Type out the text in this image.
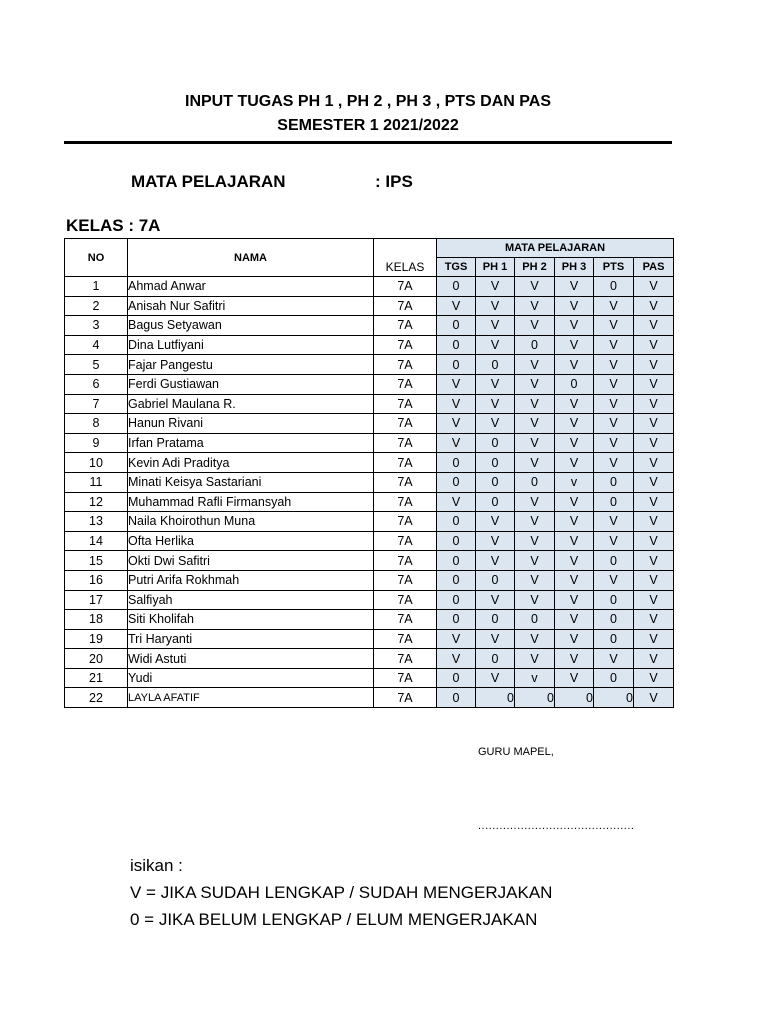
INPUT TUGAS PH 1 , PH 2 , PH 3 , PTS DAN PAS
SEMESTER 1 2021/2022
MATA PELAJARAN	: IPS
KELAS : 7A
NO	NAMA	KELAS	MATA PELAJARAN					
			TGS	PH 1	PH 2	PH 3	PTS	PAS
1	Ahmad Anwar	7A	0	V	V	V	0	V
2	Anisah Nur Safitri	7A	V	V	V	V	V	V
3	Bagus Setyawan	7A	0	V	V	V	V	V
4	Dina Lutfiyani	7A	0	V	0	V	V	V
5	Fajar Pangestu	7A	0	0	V	V	V	V
6	Ferdi Gustiawan	7A	V	V	V	0	V	V
7	Gabriel Maulana R.	7A	V	V	V	V	V	V
8	Hanun Rivani	7A	V	V	V	V	V	V
9	Irfan Pratama	7A	V	0	V	V	V	V
10	Kevin Adi Praditya	7A	0	0	V	V	V	V
11	Minati Keisya Sastariani	7A	0	0	0	v	0	V
12	Muhammad Rafli Firmansyah	7A	V	0	V	V	0	V
13	Naila Khoirothun Muna	7A	0	V	V	V	V	V
14	Ofta Herlika	7A	0	V	V	V	V	V
15	Okti Dwi Safitri	7A	0	V	V	V	0	V
16	Putri Arifa Rokhmah	7A	0	0	V	V	V	V
17	Salfiyah	7A	0	V	V	V	0	V
18	Siti Kholifah	7A	0	0	0	V	0	V
19	Tri Haryanti	7A	V	V	V	V	0	V
20	Widi Astuti	7A	V	0	V	V	V	V
21	Yudi	7A	0	V	v	V	0	V
22	LAYLA AFATIF	7A	0	0	0	0	0	V
GURU MAPEL,
............................................
isikan :
V = JIKA SUDAH LENGKAP / SUDAH MENGERJAKAN
0 = JIKA BELUM LENGKAP / ELUM MENGERJAKAN
